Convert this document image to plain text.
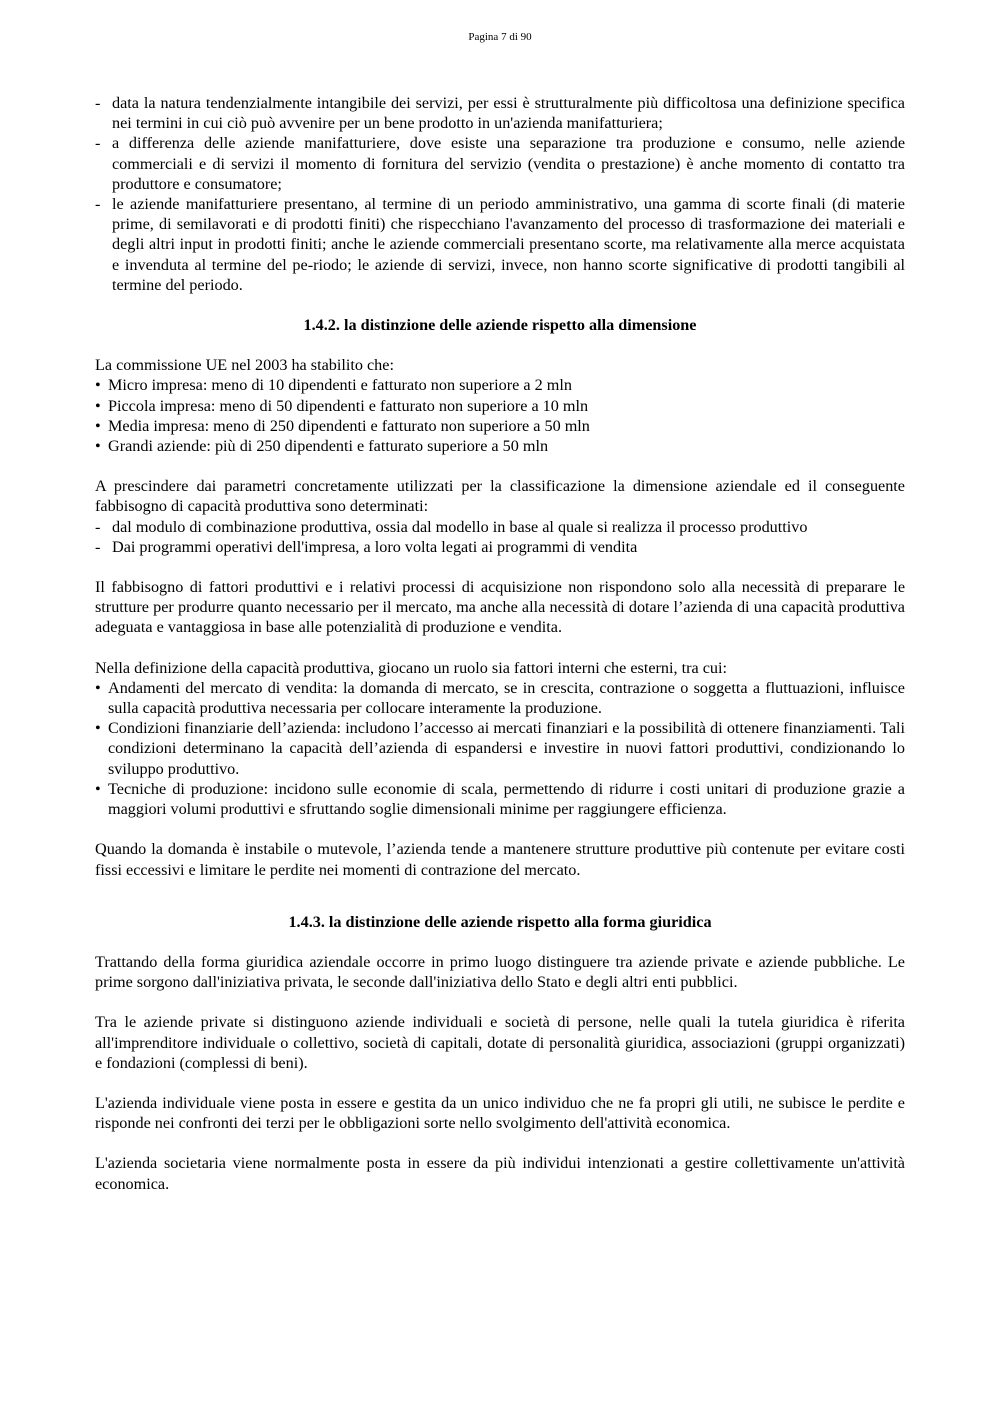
Pagina 7 di 90
- data la natura tendenzialmente intangibile dei servizi, per essi è strutturalmente più difficoltosa una definizione specifica nei termini in cui ciò può avvenire per un bene prodotto in un'azienda manifatturiera;
- a differenza delle aziende manifatturiere, dove esiste una separazione tra produzione e consumo, nelle aziende commerciali e di servizi il momento di fornitura del servizio (vendita o prestazione) è anche momento di contatto tra produttore e consumatore;
- le aziende manifatturiere presentano, al termine di un periodo amministrativo, una gamma di scorte finali (di materie prime, di semilavorati e di prodotti finiti) che rispecchiano l'avanzamento del processo di trasformazione dei materiali e degli altri input in prodotti finiti; anche le aziende commerciali presentano scorte, ma relativamente alla merce acquistata e invenduta al termine del pe-riodo; le aziende di servizi, invece, non hanno scorte significative di prodotti tangibili al termine del periodo.
1.4.2. la distinzione delle aziende rispetto alla dimensione

La commissione UE nel 2003 ha stabilito che:

• Micro impresa: meno di 10 dipendenti e fatturato non superiore a 2 mln
• Piccola impresa: meno di 50 dipendenti e fatturato non superiore a 10 mln
• Media impresa: meno di 250 dipendenti e fatturato non superiore a 50 mln
• Grandi aziende: più di 250 dipendenti e fatturato superiore a 50 mln

A prescindere dai parametri concretamente utilizzati per la classificazione la dimensione aziendale ed il conseguente fabbisogno di capacità produttiva sono determinati:

- dal modulo di combinazione produttiva, ossia dal modello in base al quale si realizza il processo produttivo
- Dai programmi operativi dell'impresa, a loro volta legati ai programmi di vendita

Il fabbisogno di fattori produttivi e i relativi processi di acquisizione non rispondono solo alla necessità di preparare le strutture per produrre quanto necessario per il mercato, ma anche alla necessità di dotare l’azienda di una capacità produttiva adeguata e vantaggiosa in base alle potenzialità di produzione e vendita.

Nella definizione della capacità produttiva, giocano un ruolo sia fattori interni che esterni, tra cui:

• Andamenti del mercato di vendita: la domanda di mercato, se in crescita, contrazione o soggetta a fluttuazioni, influisce sulla capacità produttiva necessaria per collocare interamente la produzione.
• Condizioni finanziarie dell’azienda: includono l’accesso ai mercati finanziari e la possibilità di ottenere finanziamenti. Tali condizioni determinano la capacità dell’azienda di espandersi e investire in nuovi fattori produttivi, condizionando lo sviluppo produttivo.
• Tecniche di produzione: incidono sulle economie di scala, permettendo di ridurre i costi unitari di produzione grazie a maggiori volumi produttivi e sfruttando soglie dimensionali minime per raggiungere efficienza.

Quando la domanda è instabile o mutevole, l’azienda tende a mantenere strutture produttive più contenute per evitare costi fissi eccessivi e limitare le perdite nei momenti di contrazione del mercato.

1.4.3. la distinzione delle aziende rispetto alla forma giuridica

Trattando della forma giuridica aziendale occorre in primo luogo distinguere tra aziende private e aziende pubbliche. Le prime sorgono dall'iniziativa privata, le seconde dall'iniziativa dello Stato e degli altri enti pubblici.

Tra le aziende private si distinguono aziende individuali e società di persone, nelle quali la tutela giuridica è riferita all'imprenditore individuale o collettivo, società di capitali, dotate di personalità giuridica, associazioni (gruppi organizzati) e fondazioni (complessi di beni).

L'azienda individuale viene posta in essere e gestita da un unico individuo che ne fa propri gli utili, ne subisce le perdite e risponde nei confronti dei terzi per le obbligazioni sorte nello svolgimento dell'attività economica.

L'azienda societaria viene normalmente posta in essere da più individui intenzionati a gestire collettivamente un'attività economica.
